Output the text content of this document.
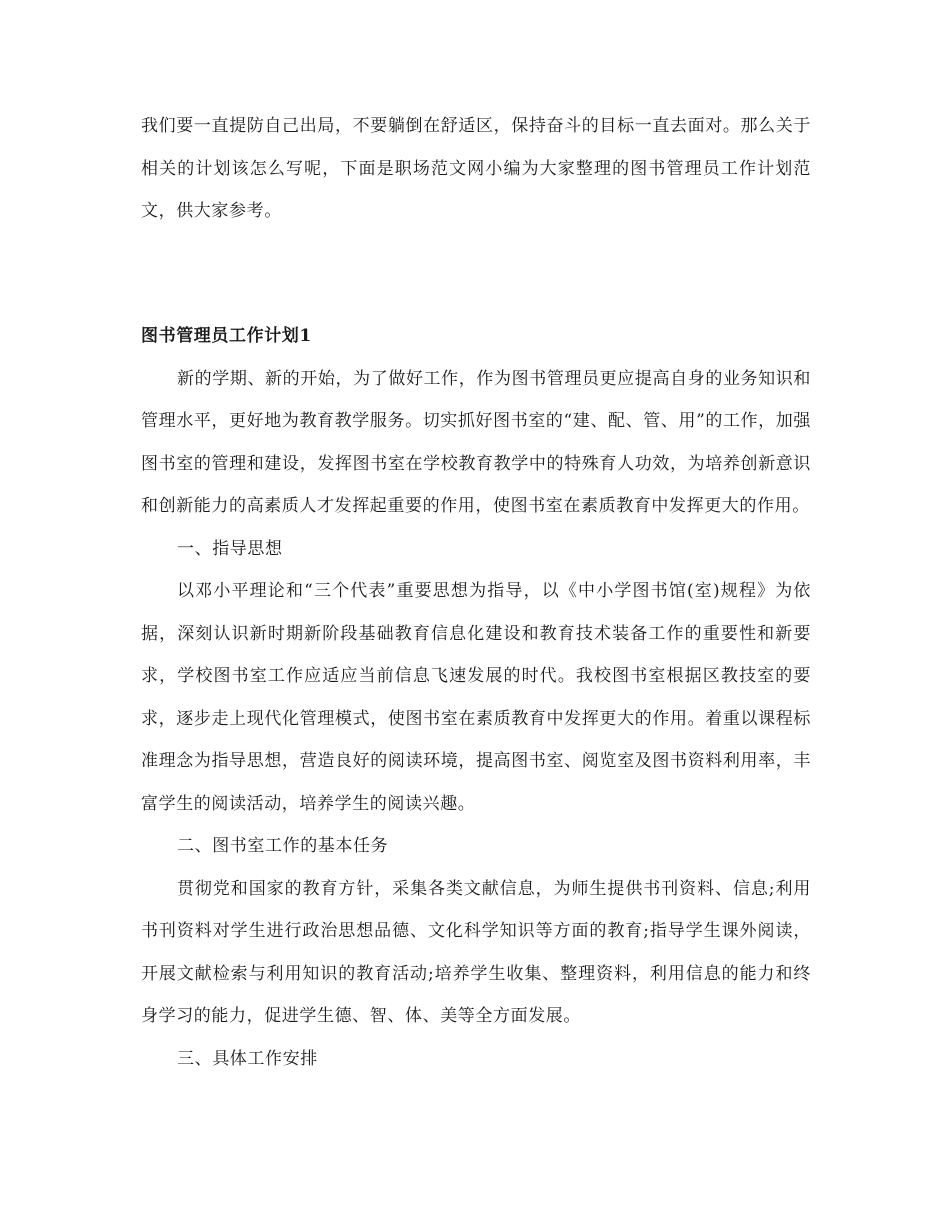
我们要一直提防自己出局，不要躺倒在舒适区，保持奋斗的目标一直去面对。那么关于相关的计划该怎么写呢，下面是职场范文网小编为大家整理的图书管理员工作计划范文，供大家参考。

图书管理员工作计划1

新的学期、新的开始，为了做好工作，作为图书管理员更应提高自身的业务知识和管理水平，更好地为教育教学服务。切实抓好图书室的“建、配、管、用”的工作，加强图书室的管理和建设，发挥图书室在学校教育教学中的特殊育人功效，为培养创新意识和创新能力的高素质人才发挥起重要的作用，使图书室在素质教育中发挥更大的作用。

一、指导思想

以邓小平理论和“三个代表”重要思想为指导，以《中小学图书馆(室)规程》为依据，深刻认识新时期新阶段基础教育信息化建设和教育技术装备工作的重要性和新要求，学校图书室工作应适应当前信息飞速发展的时代。我校图书室根据区教技室的要求，逐步走上现代化管理模式，使图书室在素质教育中发挥更大的作用。着重以课程标准理念为指导思想，营造良好的阅读环境，提高图书室、阅览室及图书资料利用率，丰富学生的阅读活动，培养学生的阅读兴趣。

二、图书室工作的基本任务

贯彻党和国家的教育方针，采集各类文献信息，为师生提供书刊资料、信息;利用书刊资料对学生进行政治思想品德、文化科学知识等方面的教育;指导学生课外阅读，开展文献检索与利用知识的教育活动;培养学生收集、整理资料，利用信息的能力和终身学习的能力，促进学生德、智、体、美等全方面发展。

三、具体工作安排
